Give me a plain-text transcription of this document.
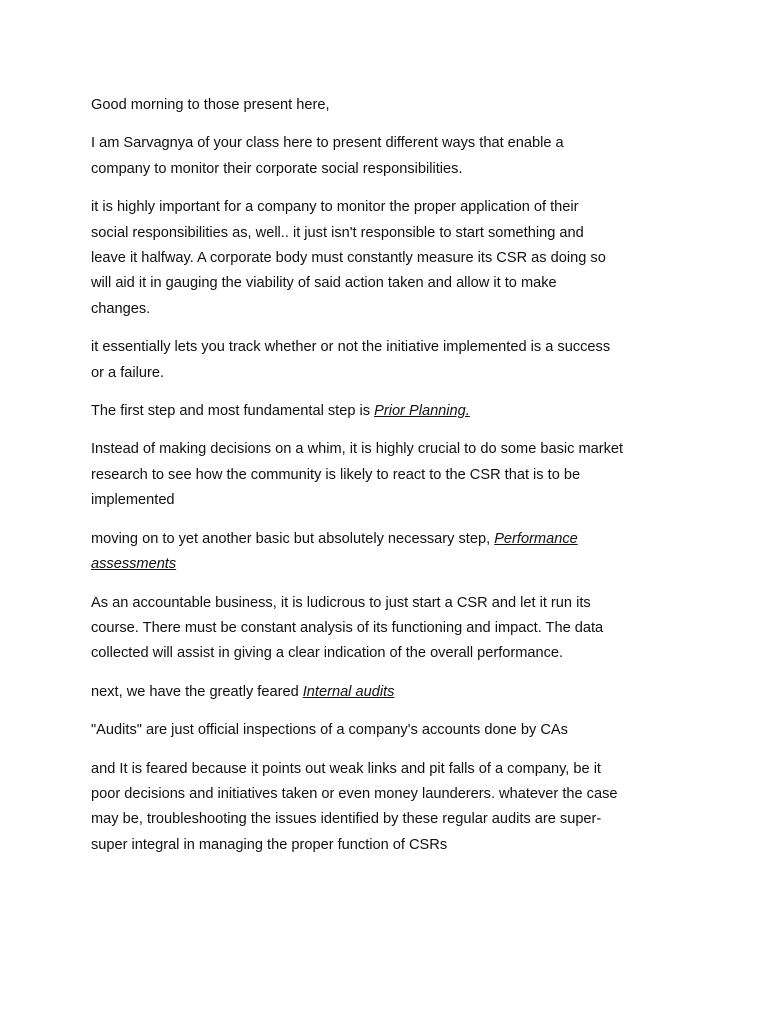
Good morning to those present here,

I am Sarvagnya of your class here to present different ways that enable a
company to monitor their corporate social responsibilities.

it is highly important for a company to monitor the proper application of their
social responsibilities as, well.. it just isn't responsible to start something and
leave it halfway. A corporate body must constantly measure its CSR as doing so
will aid it in gauging the viability of said action taken and allow it to make
changes.

it essentially lets you track whether or not the initiative implemented is a success
or a failure.

The first step and most fundamental step is Prior Planning.

Instead of making decisions on a whim, it is highly crucial to do some basic market
research to see how the community is likely to react to the CSR that is to be
implemented

moving on to yet another basic but absolutely necessary step, Performance
assessments

As an accountable business, it is ludicrous to just start a CSR and let it run its
course. There must be constant analysis of its functioning and impact. The data
collected will assist in giving a clear indication of the overall performance.

next, we have the greatly feared Internal audits

"Audits" are just official inspections of a company's accounts done by CAs

and It is feared because it points out weak links and pit falls of a company, be it
poor decisions and initiatives taken or even money launderers. whatever the case
may be, troubleshooting the issues identified by these regular audits are super-
super integral in managing the proper function of CSRs
